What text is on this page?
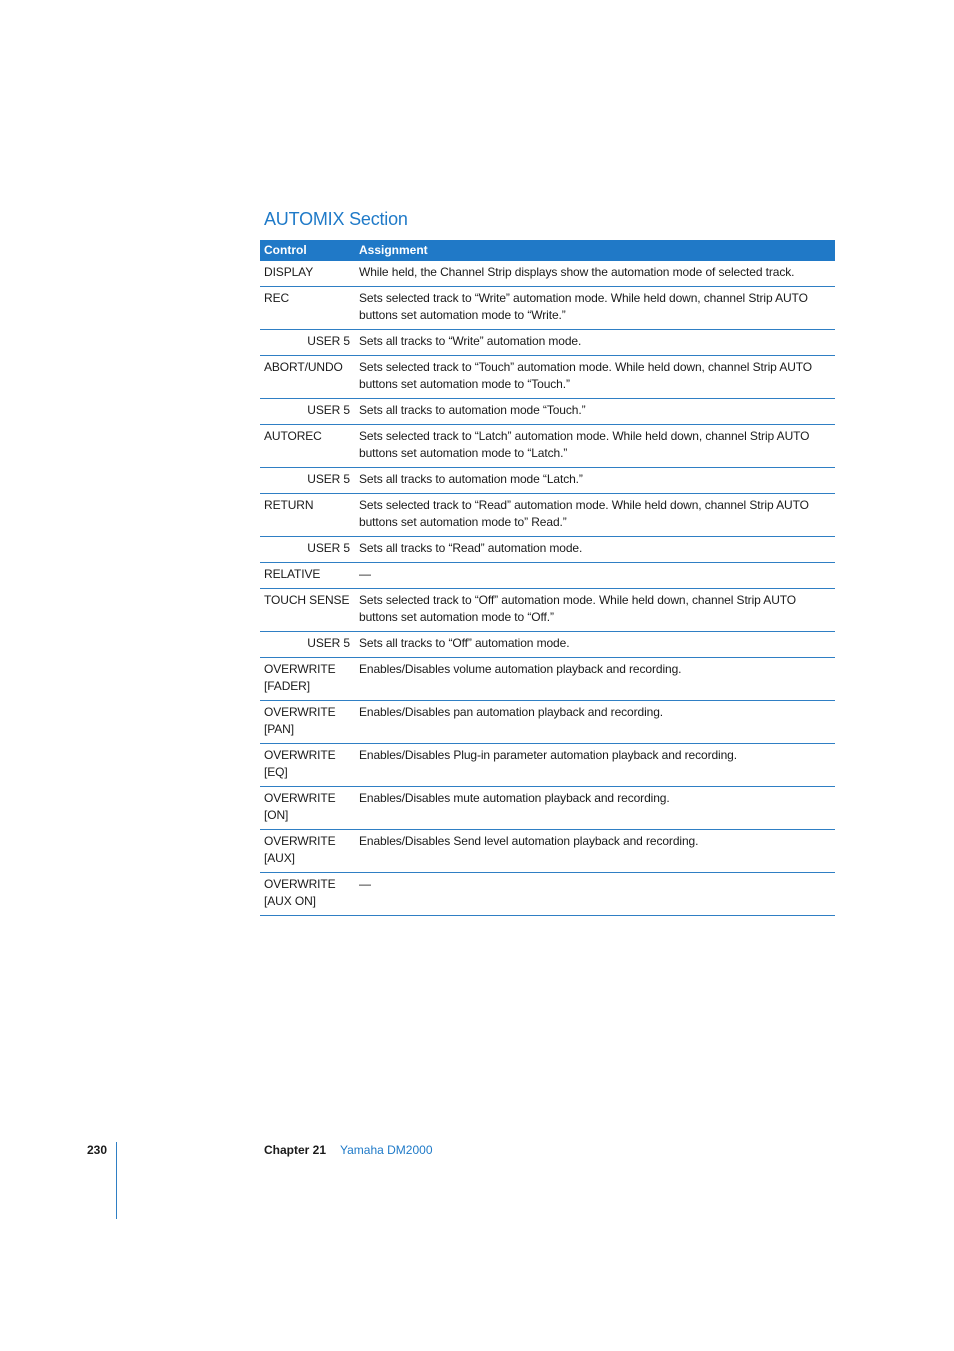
AUTOMIX Section
Control	Assignment
DISPLAY	While held, the Channel Strip displays show the automation mode of selected track.
REC	Sets selected track to “Write” automation mode. While held down, channel Strip AUTO buttons set automation mode to “Write.”
USER 5	Sets all tracks to “Write” automation mode.
ABORT/UNDO	Sets selected track to “Touch” automation mode. While held down, channel Strip AUTO buttons set automation mode to “Touch.”
USER 5	Sets all tracks to automation mode “Touch.”
AUTOREC	Sets selected track to “Latch” automation mode. While held down, channel Strip AUTO buttons set automation mode to “Latch.”
USER 5	Sets all tracks to automation mode “Latch.”
RETURN	Sets selected track to “Read” automation mode. While held down, channel Strip AUTO buttons set automation mode to” Read.”
USER 5	Sets all tracks to “Read” automation mode.
RELATIVE	—
TOUCH SENSE	Sets selected track to “Off” automation mode. While held down, channel Strip AUTO buttons set automation mode to “Off.”
USER 5	Sets all tracks to “Off” automation mode.
OVERWRITE [FADER]	Enables/Disables volume automation playback and recording.
OVERWRITE [PAN]	Enables/Disables pan automation playback and recording.
OVERWRITE [EQ]	Enables/Disables Plug-in parameter automation playback and recording.
OVERWRITE [ON]	Enables/Disables mute automation playback and recording.
OVERWRITE [AUX]	Enables/Disables Send level automation playback and recording.
OVERWRITE [AUX ON]	—
230	Chapter 21 Yamaha DM2000
